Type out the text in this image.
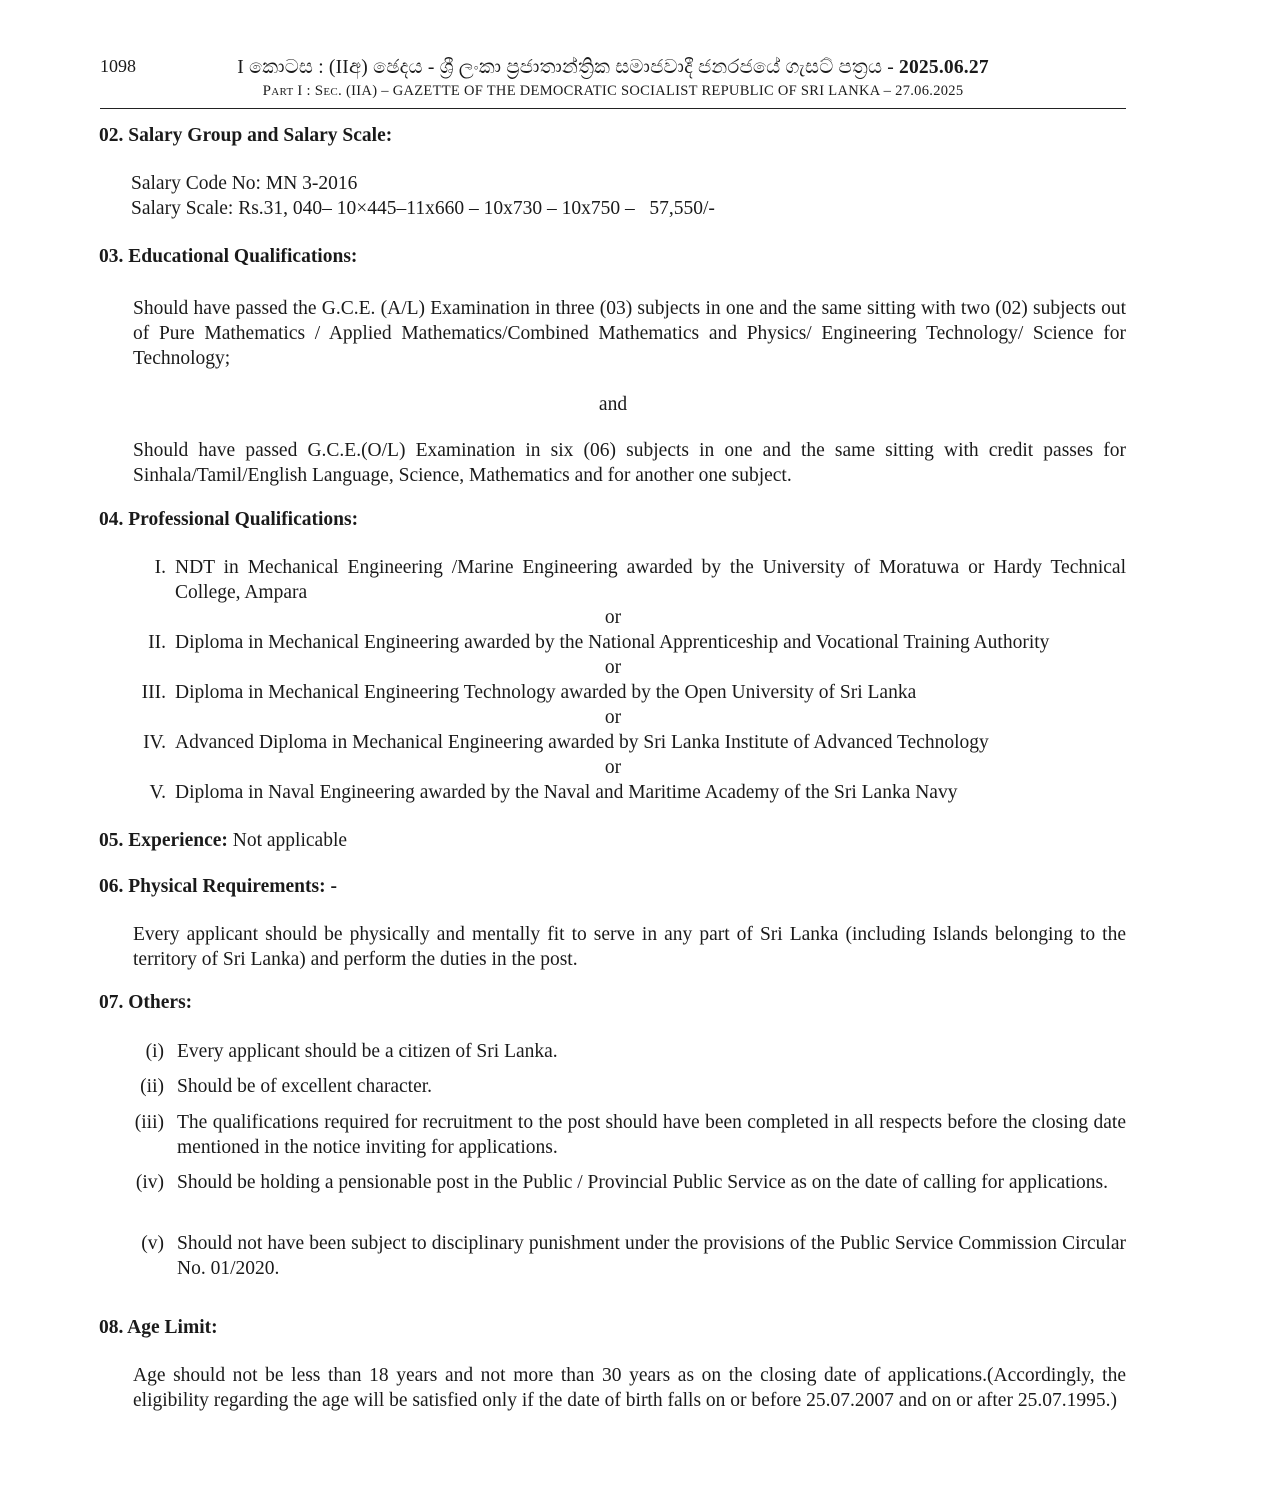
1098	I කොටස : (IIඅ) ඡෙදය - ශ්‍රී ලංකා ප්‍රජාතාන්ත්‍රික සමාජවාදී ජනරජයේ ගැසට් පත්‍රය - 2025.06.27
Part I : Sec. (IIA) – GAZETTE OF THE DEMOCRATIC SOCIALIST REPUBLIC OF SRI LANKA – 27.06.2025
02. Salary Group and Salary Scale:
Salary Code No: MN 3-2016
Salary Scale: Rs.31, 040– 10×445–11x660 – 10x730 – 10x750 –   57,550/-
03. Educational Qualifications:
Should have passed the G.C.E. (A/L) Examination in three (03) subjects in one and the same sitting with two (02) subjects out of Pure Mathematics / Applied Mathematics/Combined Mathematics and Physics/ Engineering Technology/ Science for Technology;
and
Should have passed G.C.E.(O/L) Examination in six (06) subjects in one and the same sitting with credit passes for Sinhala/Tamil/English Language, Science, Mathematics and for another one subject.
04. Professional Qualifications:
I. NDT in Mechanical Engineering /Marine Engineering awarded by the University of Moratuwa or Hardy Technical College, Ampara
or
II. Diploma in Mechanical Engineering awarded by the National Apprenticeship and Vocational Training Authority
or
III. Diploma in Mechanical Engineering Technology awarded by the Open University of Sri Lanka
or
IV. Advanced Diploma in Mechanical Engineering awarded by Sri Lanka Institute of Advanced Technology
or
V. Diploma in Naval Engineering awarded by the Naval and Maritime Academy of the Sri Lanka Navy
05. Experience: Not applicable
06. Physical Requirements: -
Every applicant should be physically and mentally fit to serve in any part of Sri Lanka (including Islands belonging to the territory of Sri Lanka) and perform the duties in the post.
07. Others:
(i) Every applicant should be a citizen of Sri Lanka.
(ii) Should be of excellent character.
(iii) The qualifications required for recruitment to the post should have been completed in all respects before the closing date mentioned in the notice inviting for applications.
(iv) Should be holding a pensionable post in the Public / Provincial Public Service as on the date of calling for applications.
(v) Should not have been subject to disciplinary punishment under the provisions of the Public Service Commission Circular No. 01/2020.
08. Age Limit:
Age should not be less than 18 years and not more than 30 years as on the closing date of applications.(Accordingly, the eligibility regarding the age will be satisfied only if the date of birth falls on or before 25.07.2007 and on or after 25.07.1995.)
